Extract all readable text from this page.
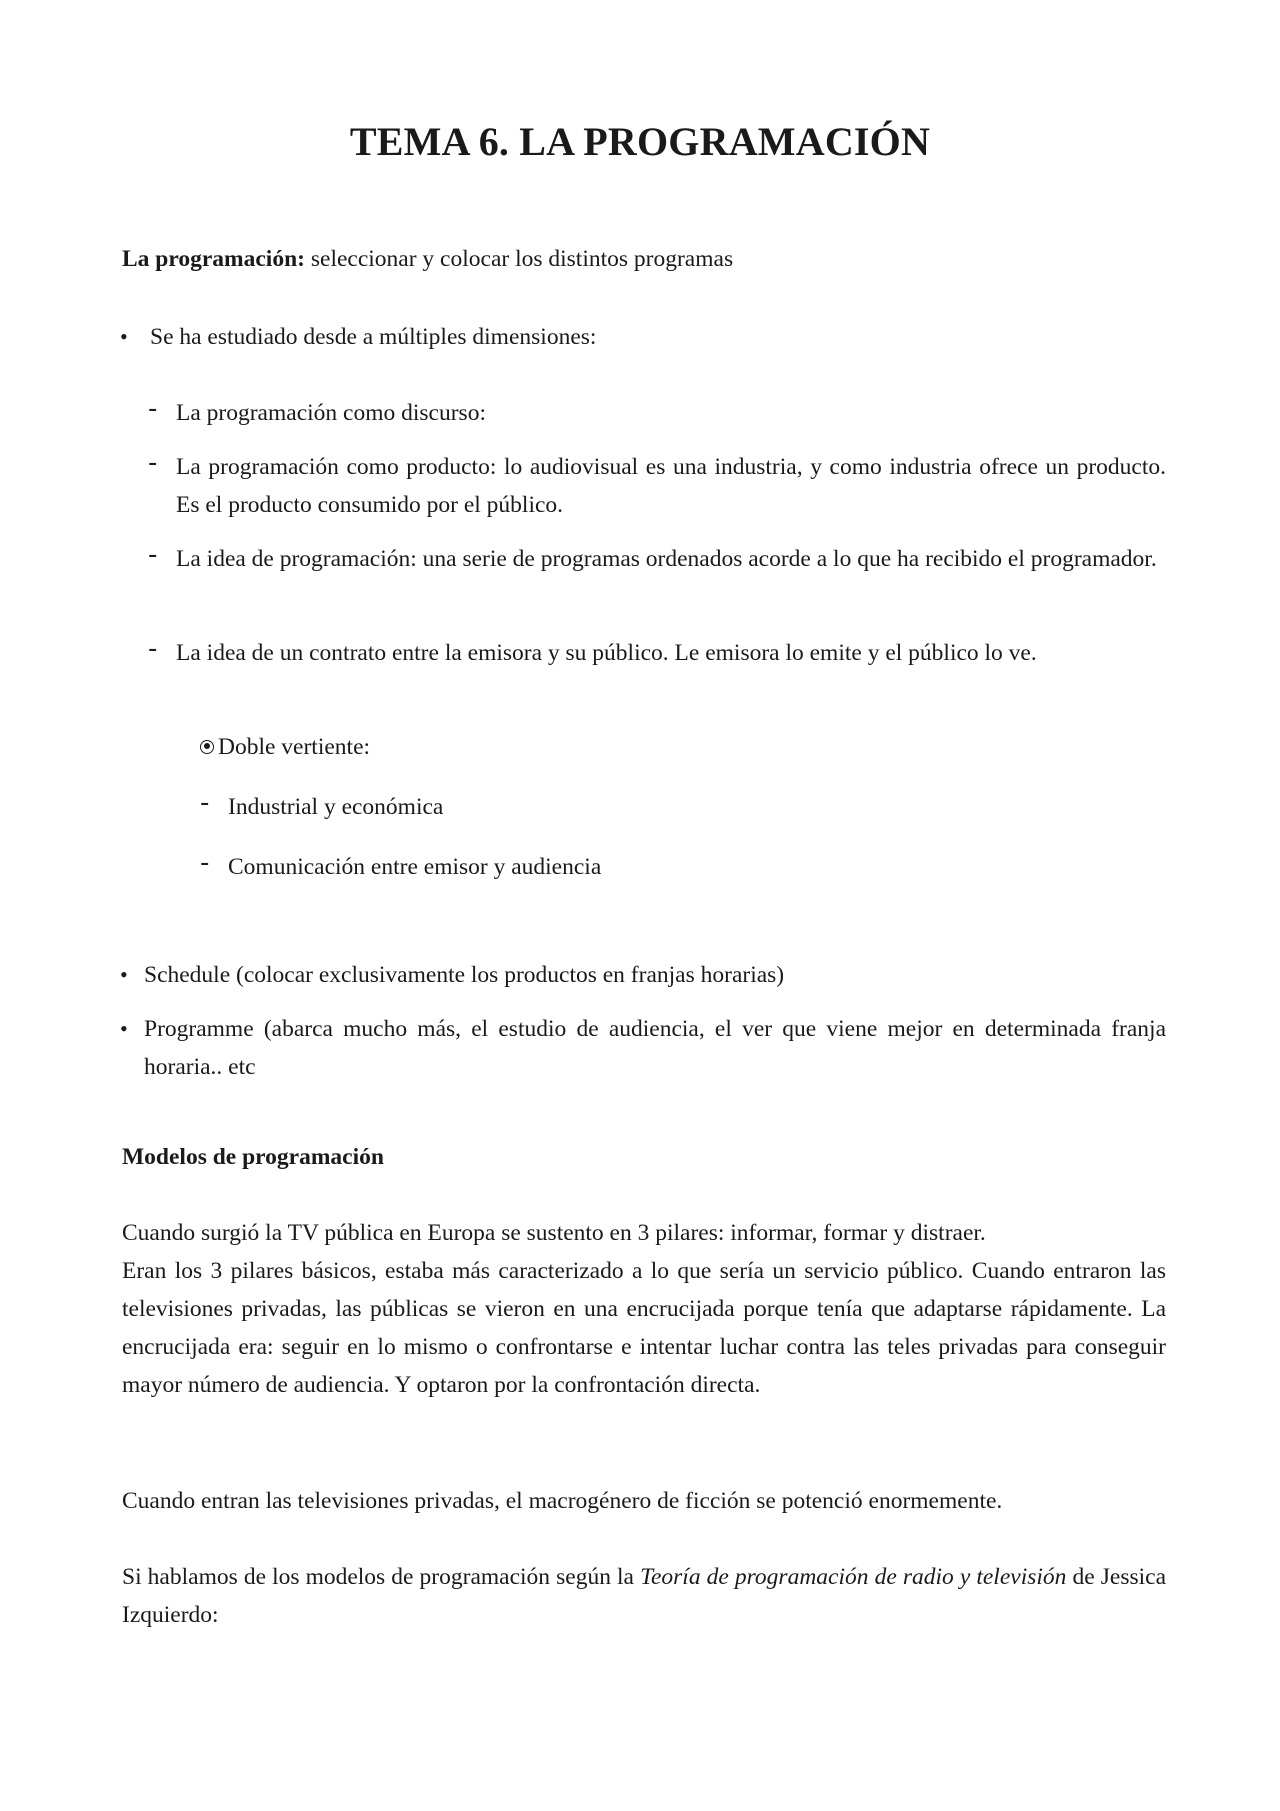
TEMA 6. LA PROGRAMACIÓN
La programación: seleccionar y colocar los distintos programas
• Se ha estudiado desde a múltiples dimensiones:
- La programación como discurso:
- La programación como producto: lo audiovisual es una industria, y como industria ofrece un producto. Es el producto consumido por el público.
- La idea de programación: una serie de programas ordenados acorde a lo que ha recibido el programador.
- La idea de un contrato entre la emisora y su público. Le emisora lo emite y el público lo ve.
Doble vertiente:
- Industrial y económica
- Comunicación entre emisor y audiencia
• Schedule (colocar exclusivamente los productos en franjas horarias)
• Programme (abarca mucho más, el estudio de audiencia, el ver que viene mejor en determinada franja horaria.. etc
Modelos de programación
Cuando surgió la TV pública en Europa se sustento en 3 pilares: informar, formar y distraer.
Eran los 3 pilares básicos, estaba más caracterizado a lo que sería un servicio público. Cuando entraron las televisiones privadas, las públicas se vieron en una encrucijada porque tenía que adaptarse rápidamente. La encrucijada era: seguir en lo mismo o confrontarse e intentar luchar contra las teles privadas para conseguir mayor número de audiencia. Y optaron por la confrontación directa.
Cuando entran las televisiones privadas, el macrogénero de ficción se potenció enormemente.
Si hablamos de los modelos de programación según la Teoría de programación de radio y televisión de Jessica Izquierdo:
